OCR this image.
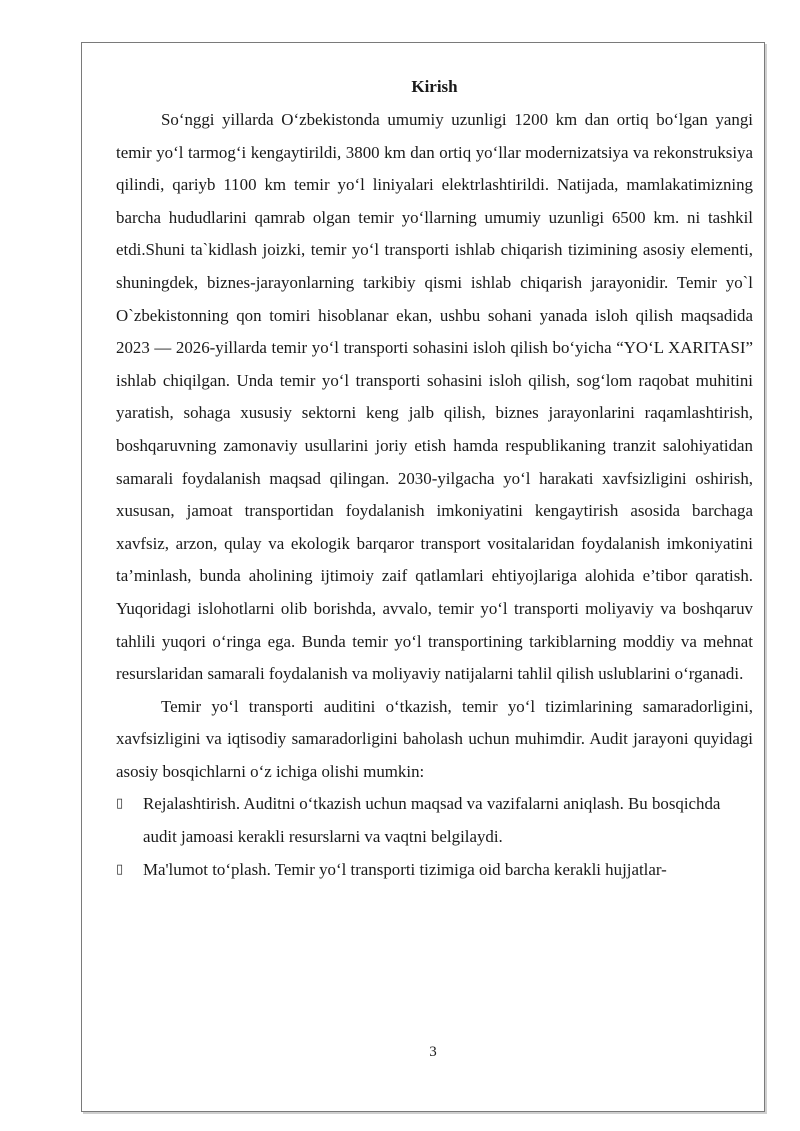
Kirish

So‘nggi yillarda O‘zbekistonda umumiy uzunligi 1200 km dan ortiq bo‘lgan yangi temir yo‘l tarmog‘i kengaytirildi, 3800 km dan ortiq yo‘llar modernizatsiya va rekonstruksiya qilindi, qariyb 1100 km temir yo‘l liniyalari elektrlashtirildi. Natijada, mamlakatimizning barcha hududlarini qamrab olgan temir yo‘llarning umumiy uzunligi 6500 km. ni tashkil etdi.Shuni ta`kidlash joizki, temir yo‘l transporti ishlab chiqarish tizimining asosiy elementi, shuningdek, biznes-jarayonlarning tarkibiy qismi ishlab chiqarish jarayonidir. Temir yo`l O`zbekistonning qon tomiri hisoblanar ekan, ushbu sohani yanada isloh qilish maqsadida 2023 — 2026-yillarda temir yo‘l transporti sohasini isloh qilish bo‘yicha “YO‘L XARITASI” ishlab chiqilgan. Unda temir yo‘l transporti sohasini isloh qilish, sog‘lom raqobat muhitini yaratish, sohaga xususiy sektorni keng jalb qilish, biznes jarayonlarini raqamlashtirish, boshqaruvning zamonaviy usullarini joriy etish hamda respublikaning tranzit salohiyatidan samarali foydalanish maqsad qilingan. 2030-yilgacha yo‘l harakati xavfsizligini oshirish, xususan, jamoat transportidan foydalanish imkoniyatini kengaytirish asosida barchaga xavfsiz, arzon, qulay va ekologik barqaror transport vositalaridan foydalanish imkoniyatini ta’minlash, bunda aholining ijtimoiy zaif qatlamlari ehtiyojlariga alohida e’tibor qaratish. Yuqoridagi islohotlarni olib borishda, avvalo, temir yo‘l transporti moliyaviy va boshqaruv tahlili yuqori o‘ringa ega. Bunda temir yo‘l transportining tarkiblarning moddiy va mehnat resurslaridan samarali foydalanish va moliyaviy natijalarni tahlil qilish uslublarini o‘rganadi.

Temir yo‘l transporti auditini o‘tkazish, temir yo‘l tizimlarining samaradorligini, xavfsizligini va iqtisodiy samaradorligini baholash uchun muhimdir. Audit jarayoni quyidagi asosiy bosqichlarni o‘z ichiga olishi mumkin:

▯	Rejalashtirish. Auditni o‘tkazish uchun maqsad va vazifalarni aniqlash. Bu bosqichda audit jamoasi kerakli resurslarni va vaqtni belgilaydi.
▯	Ma'lumot to‘plash. Temir yo‘l transporti tizimiga oid barcha kerakli hujjatlar-
3
